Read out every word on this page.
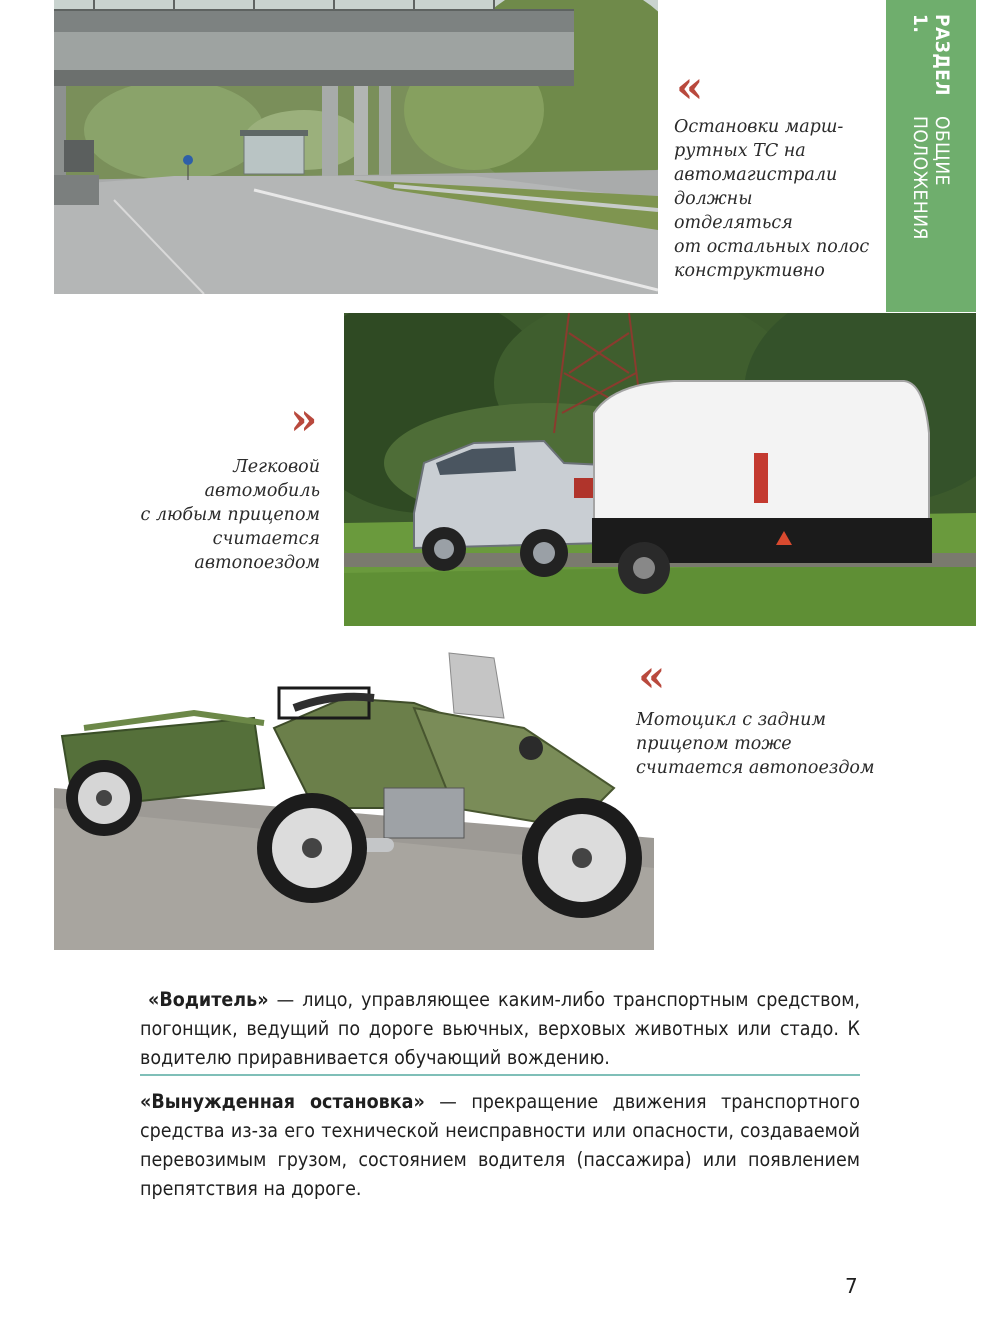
РАЗДЕЛ 1.
ОБЩИЕ ПОЛОЖЕНИЯ
«
Остановки марш-
рутных ТС на
автомагистрали
должны отделяться
от остальных полос
конструктивно
»
Легковой
автомобиль
с любым прицепом
считается
автопоездом
«
Мотоцикл с задним
прицепом тоже
считается автопоездом
«Водитель» — лицо, управляющее каким-либо транспортным средством, погонщик, ведущий по дороге вьючных, верховых животных или стадо. К водителю приравнивается обучающий вождению.
«Вынужденная остановка» — прекращение движения транспортного средства из-за его технической неисправности или опасности, создаваемой перевозимым грузом, состоянием водителя (пассажира) или появлением препятствия на дороге.
7
